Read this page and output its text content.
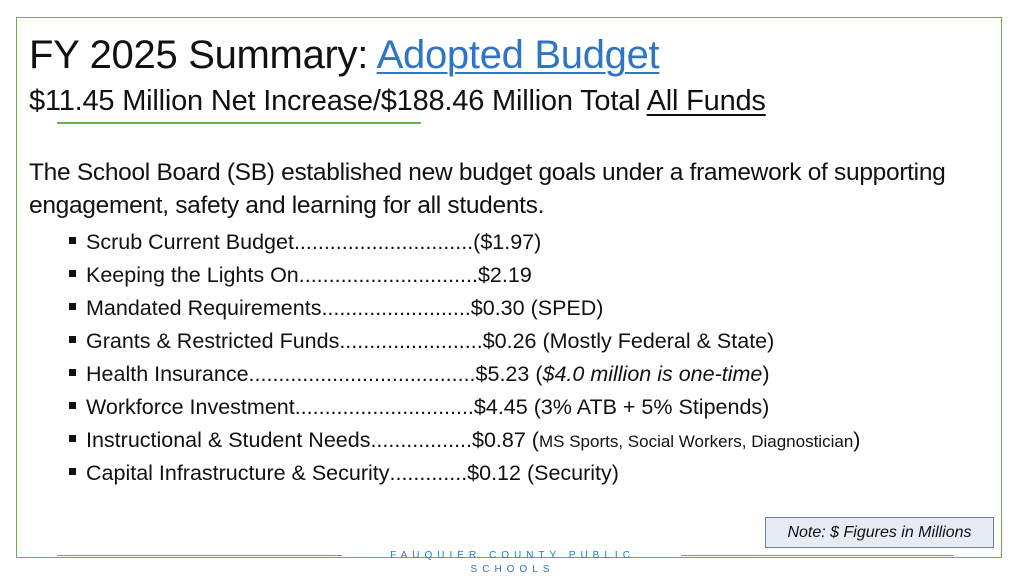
FY 2025 Summary: Adopted Budget
$11.45 Million Net Increase/$188.46 Million Total All Funds
The School Board (SB) established new budget goals under a framework of supporting engagement, safety and learning for all students.
Scrub Current Budget .............................. ($1.97 )
Keeping the Lights On .............................. $2.19
Mandated Requirements ......................... $0.30 (SPED)
Grants & Restricted Funds ........................ $0.26 (Mostly Federal & State)
Health Insurance ...................................... $5.23 ( $4.0 million is one-time )
Workforce Investment .............................. $4.45 (3% ATB + 5% Stipends)
Instructional & Student Needs ................. $0.87 ( MS Sports, Social Workers, Diagnostician )
Capital Infrastructure & Security ............. $0.12 (Security)
Note: $ Figures in Millions
FAUQUIER COUNTY PUBLIC SCHOOLS
